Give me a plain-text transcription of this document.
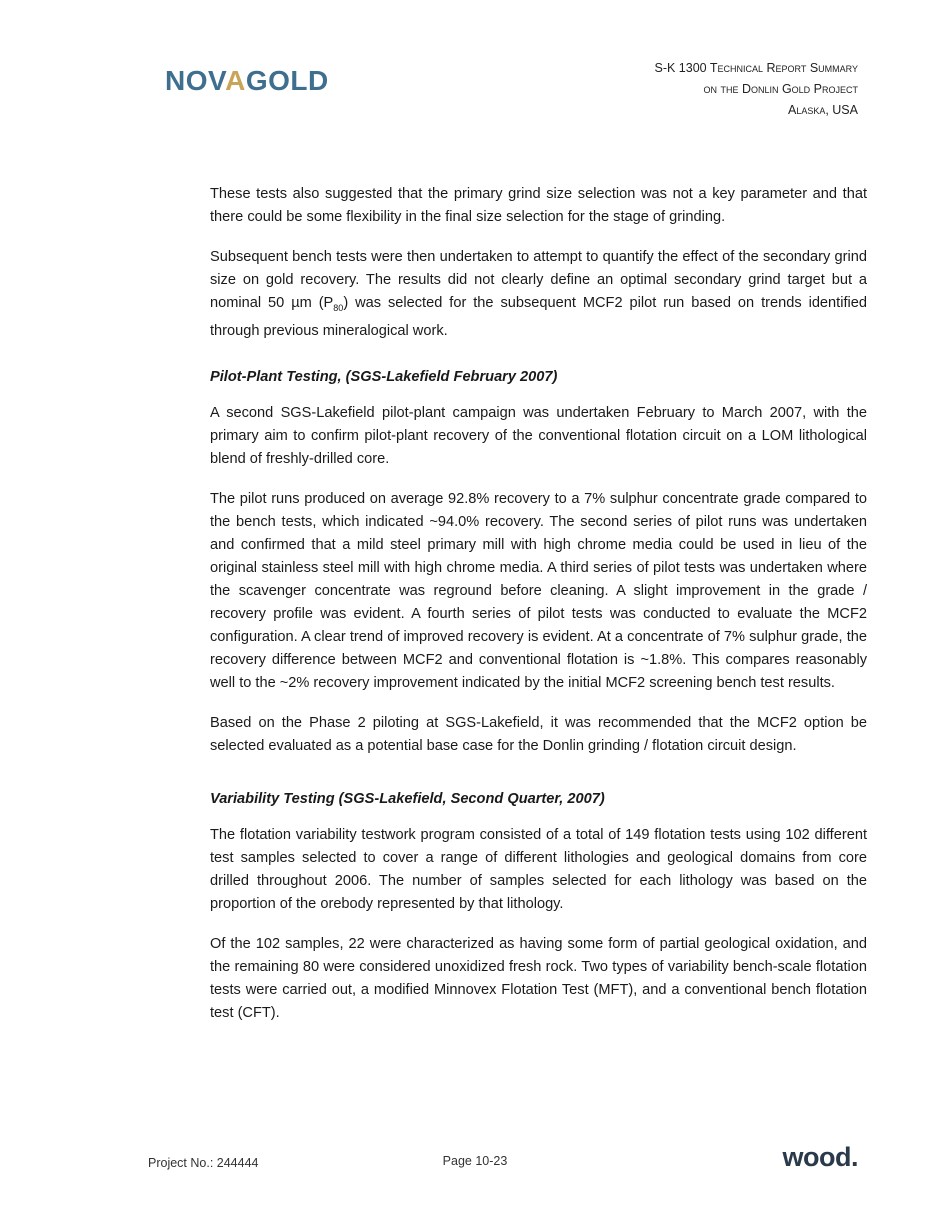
NOVAGOLD	S-K 1300 Technical Report Summary
on the Donlin Gold Project
Alaska, USA

These tests also suggested that the primary grind size selection was not a key parameter and that there could be some flexibility in the final size selection for the stage of grinding.

Subsequent bench tests were then undertaken to attempt to quantify the effect of the secondary grind size on gold recovery. The results did not clearly define an optimal secondary grind target but a nominal 50 µm $(P_{80})$ was selected for the subsequent MCF2 pilot run based on trends identified through previous mineralogical work.

Pilot-Plant Testing, (SGS-Lakefield February 2007)

A second SGS-Lakefield pilot-plant campaign was undertaken February to March 2007, with the primary aim to confirm pilot-plant recovery of the conventional flotation circuit on a LOM lithological blend of freshly-drilled core.

The pilot runs produced on average 92.8% recovery to a 7% sulphur concentrate grade compared to the bench tests, which indicated ~94.0% recovery. The second series of pilot runs was undertaken and confirmed that a mild steel primary mill with high chrome media could be used in lieu of the original stainless steel mill with high chrome media. A third series of pilot tests was undertaken where the scavenger concentrate was reground before cleaning. A slight improvement in the grade / recovery profile was evident. A fourth series of pilot tests was conducted to evaluate the MCF2 configuration. A clear trend of improved recovery is evident. At a concentrate of 7% sulphur grade, the recovery difference between MCF2 and conventional flotation is ~1.8%. This compares reasonably well to the ~2% recovery improvement indicated by the initial MCF2 screening bench test results.

Based on the Phase 2 piloting at SGS-Lakefield, it was recommended that the MCF2 option be selected evaluated as a potential base case for the Donlin grinding / flotation circuit design.

Variability Testing (SGS-Lakefield, Second Quarter, 2007)

The flotation variability testwork program consisted of a total of 149 flotation tests using 102 different test samples selected to cover a range of different lithologies and geological domains from core drilled throughout 2006. The number of samples selected for each lithology was based on the proportion of the orebody represented by that lithology.

Of the 102 samples, 22 were characterized as having some form of partial geological oxidation, and the remaining 80 were considered unoxidized fresh rock. Two types of variability bench-scale flotation tests were carried out, a modified Minnovex Flotation Test (MFT), and a conventional bench flotation test (CFT).

Project No.: 244444	Page 10-23	wood.
